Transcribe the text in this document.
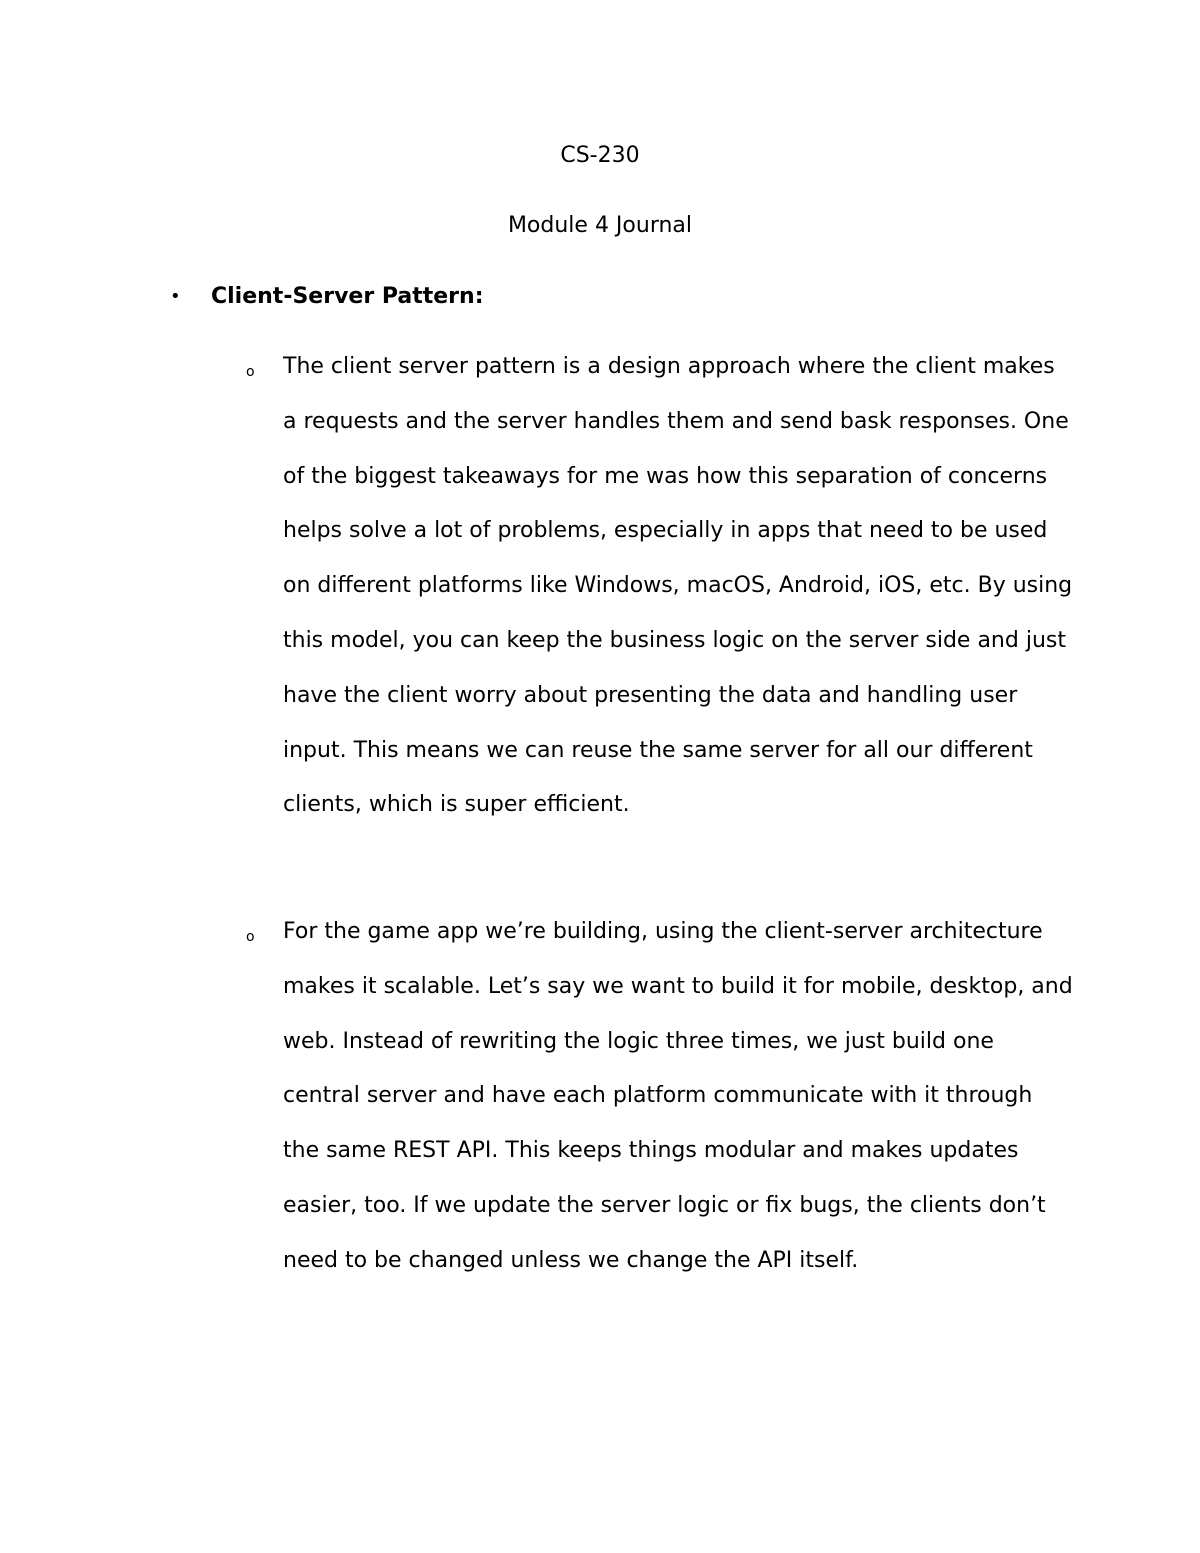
CS-230
Module 4 Journal
• Client-Server Pattern:
o The client server pattern is a design approach where the client makes a requests and the server handles them and send bask responses. One of the biggest takeaways for me was how this separation of concerns helps solve a lot of problems, especially in apps that need to be used on different platforms like Windows, macOS, Android, iOS, etc. By using this model, you can keep the business logic on the server side and just have the client worry about presenting the data and handling user input. This means we can reuse the same server for all our different clients, which is super efficient.

o For the game app we’re building, using the client-server architecture makes it scalable. Let’s say we want to build it for mobile, desktop, and web. Instead of rewriting the logic three times, we just build one central server and have each platform communicate with it through the same REST API. This keeps things modular and makes updates easier, too. If we update the server logic or fix bugs, the clients don’t need to be changed unless we change the API itself.
